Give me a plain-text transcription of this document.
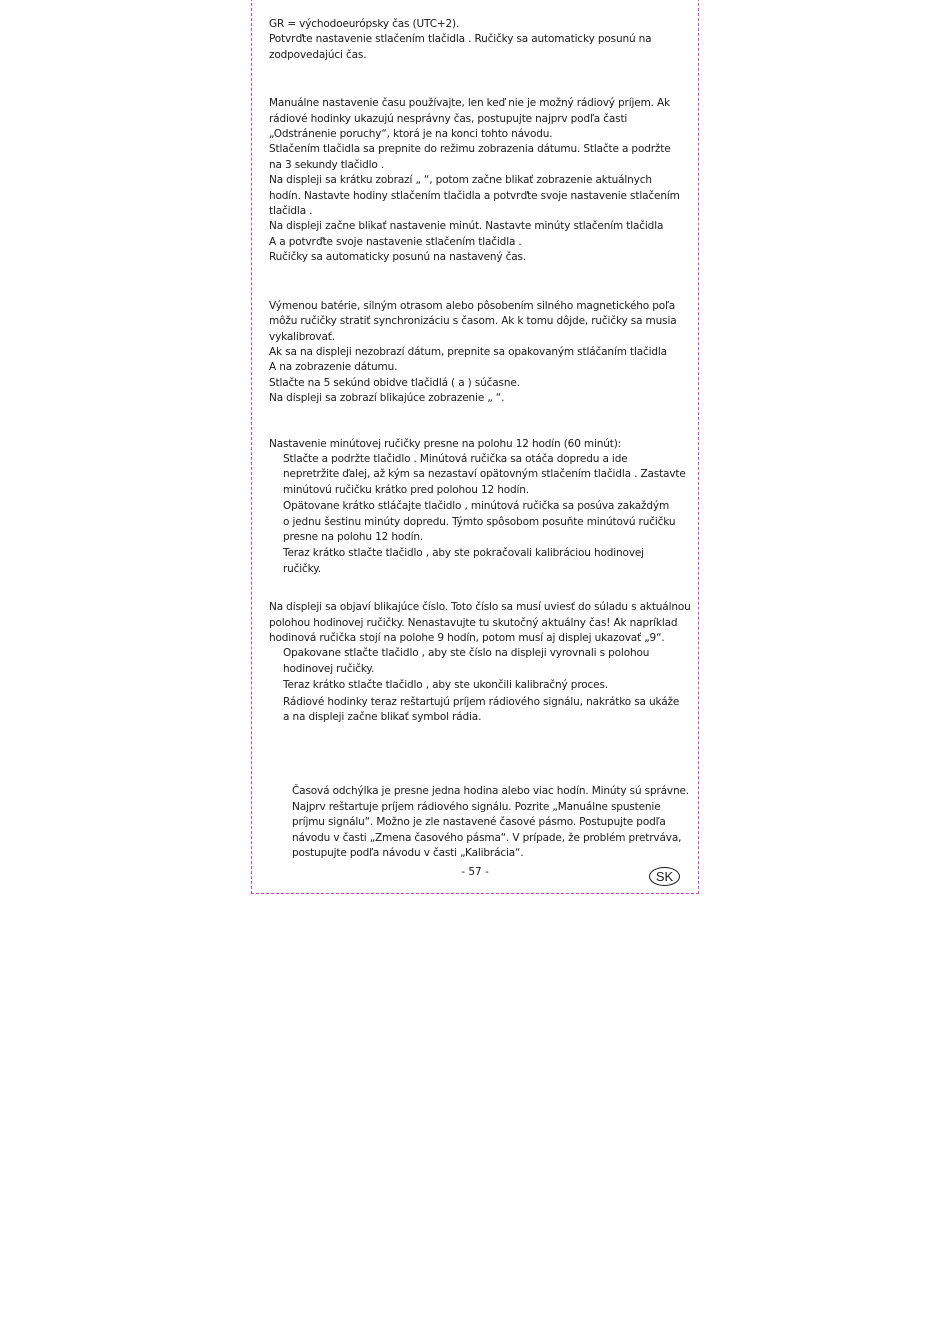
GR = východoeurópsky čas (UTC+2).

Potvrďte nastavenie stlačením tlačidla . Ručičky sa automaticky posunú na

zodpovedajúci čas.

Manuálne nastavenie času používajte, len keď nie je možný rádiový príjem. Ak

rádiové hodinky ukazujú nesprávny čas, postupujte najprv podľa časti

„Odstránenie poruchy“, ktorá je na konci tohto návodu.

Stlačením tlačidla sa prepnite do režimu zobrazenia dátumu. Stlačte a podržte

na 3 sekundy tlačidlo .

Na displeji sa krátku zobrazí „ “, potom začne blikať zobrazenie aktuálnych

hodín. Nastavte hodiny stlačením tlačidla a potvrďte svoje nastavenie stlačením

tlačidla .

Na displeji začne blikať nastavenie minút. Nastavte minúty stlačením tlačidla

A a potvrďte svoje nastavenie stlačením tlačidla .

Ručičky sa automaticky posunú na nastavený čas.

Výmenou batérie, silným otrasom alebo pôsobením silného magnetického poľa

môžu ručičky stratiť synchronizáciu s časom. Ak k tomu dôjde, ručičky sa musia

vykalibrovať.

Ak sa na displeji nezobrazí dátum, prepnite sa opakovaným stláčaním tlačidla

A na zobrazenie dátumu.

Stlačte na 5 sekúnd obidve tlačidlá ( a ) súčasne.

Na displeji sa zobrazí blikajúce zobrazenie „ “.

Nastavenie minútovej ručičky presne na polohu 12 hodín (60 minút):

Stlačte a podržte tlačidlo . Minútová ručička sa otáča dopredu a ide

nepretržite ďalej, až kým sa nezastaví opätovným stlačením tlačidla . Zastavte

minútovú ručičku krátko pred polohou 12 hodín.

Opätovane krátko stláčajte tlačidlo , minútová ručička sa posúva zakaždým

o jednu šestinu minúty dopredu. Týmto spôsobom posuňte minútovú ručičku

presne na polohu 12 hodín.

Teraz krátko stlačte tlačidlo , aby ste pokračovali kalibráciou hodinovej

ručičky.

Na displeji sa objaví blikajúce číslo. Toto číslo sa musí uviesť do súladu s aktuálnou

polohou hodinovej ručičky. Nenastavujte tu skutočný aktuálny čas! Ak napríklad

hodinová ručička stojí na polohe 9 hodín, potom musí aj displej ukazovať „9“.

Opakovane stlačte tlačidlo , aby ste číslo na displeji vyrovnali s polohou

hodinovej ručičky.

Teraz krátko stlačte tlačidlo , aby ste ukončili kalibračný proces.

Rádiové hodinky teraz reštartujú príjem rádiového signálu, nakrátko sa ukáže

a na displeji začne blikať symbol rádia.

Časová odchýlka je presne jedna hodina alebo viac hodín. Minúty sú správne.

Najprv reštartuje príjem rádiového signálu. Pozrite „Manuálne spustenie

príjmu signálu“. Možno je zle nastavené časové pásmo. Postupujte podľa

návodu v časti „Zmena časového pásma“. V prípade, že problém pretrváva,

postupujte podľa návodu v časti „Kalibrácia“.

- 57 -	SK
